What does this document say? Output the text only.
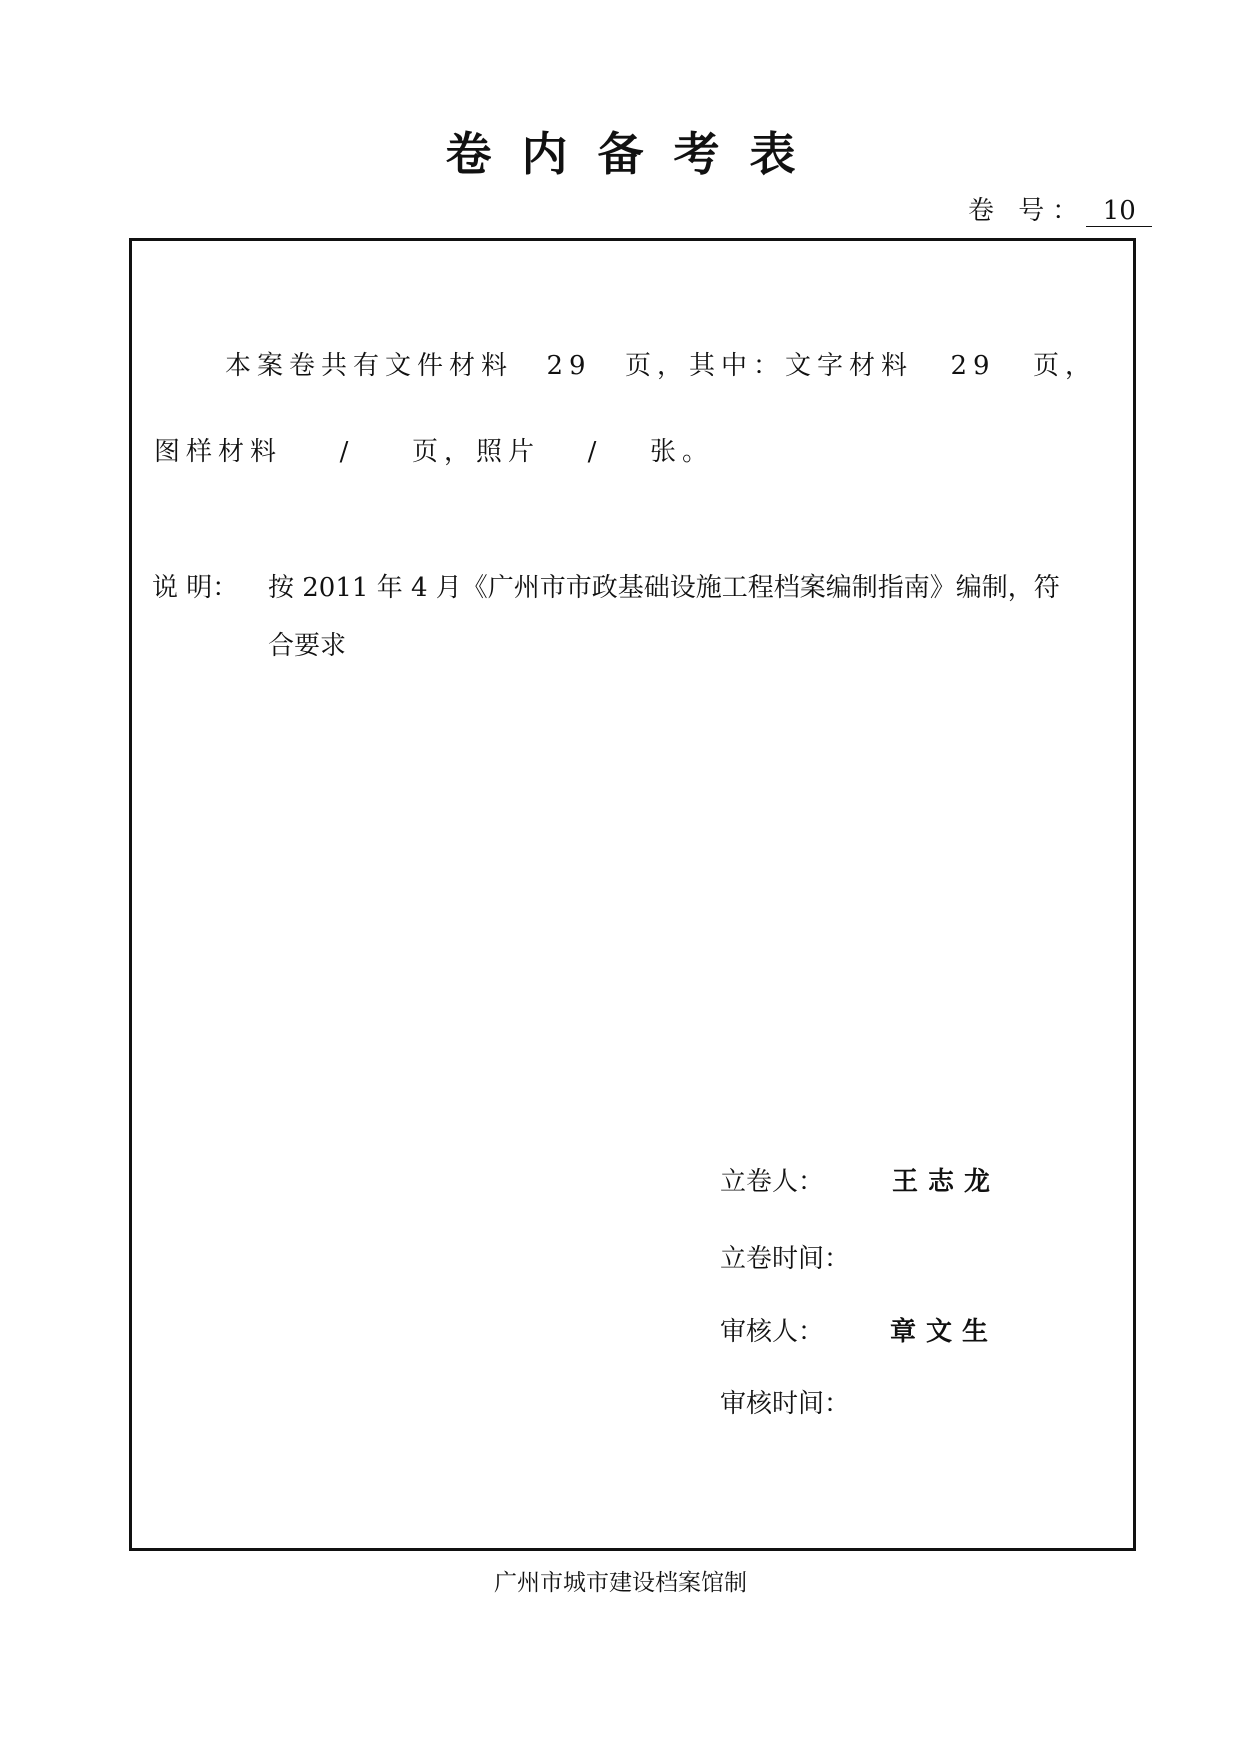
卷内备考表
卷 号： 10
本案卷共有文件材料 29 页，其中：文字材料 29 页，
图样材料 / 页，照片 / 张。
说 明： 按 2011 年 4 月《广州市市政基础设施工程档案编制指南》编制，符
合要求
立卷人：	王志龙
立卷时间：
审核人：	章文生
审核时间：
广州市城市建设档案馆制
